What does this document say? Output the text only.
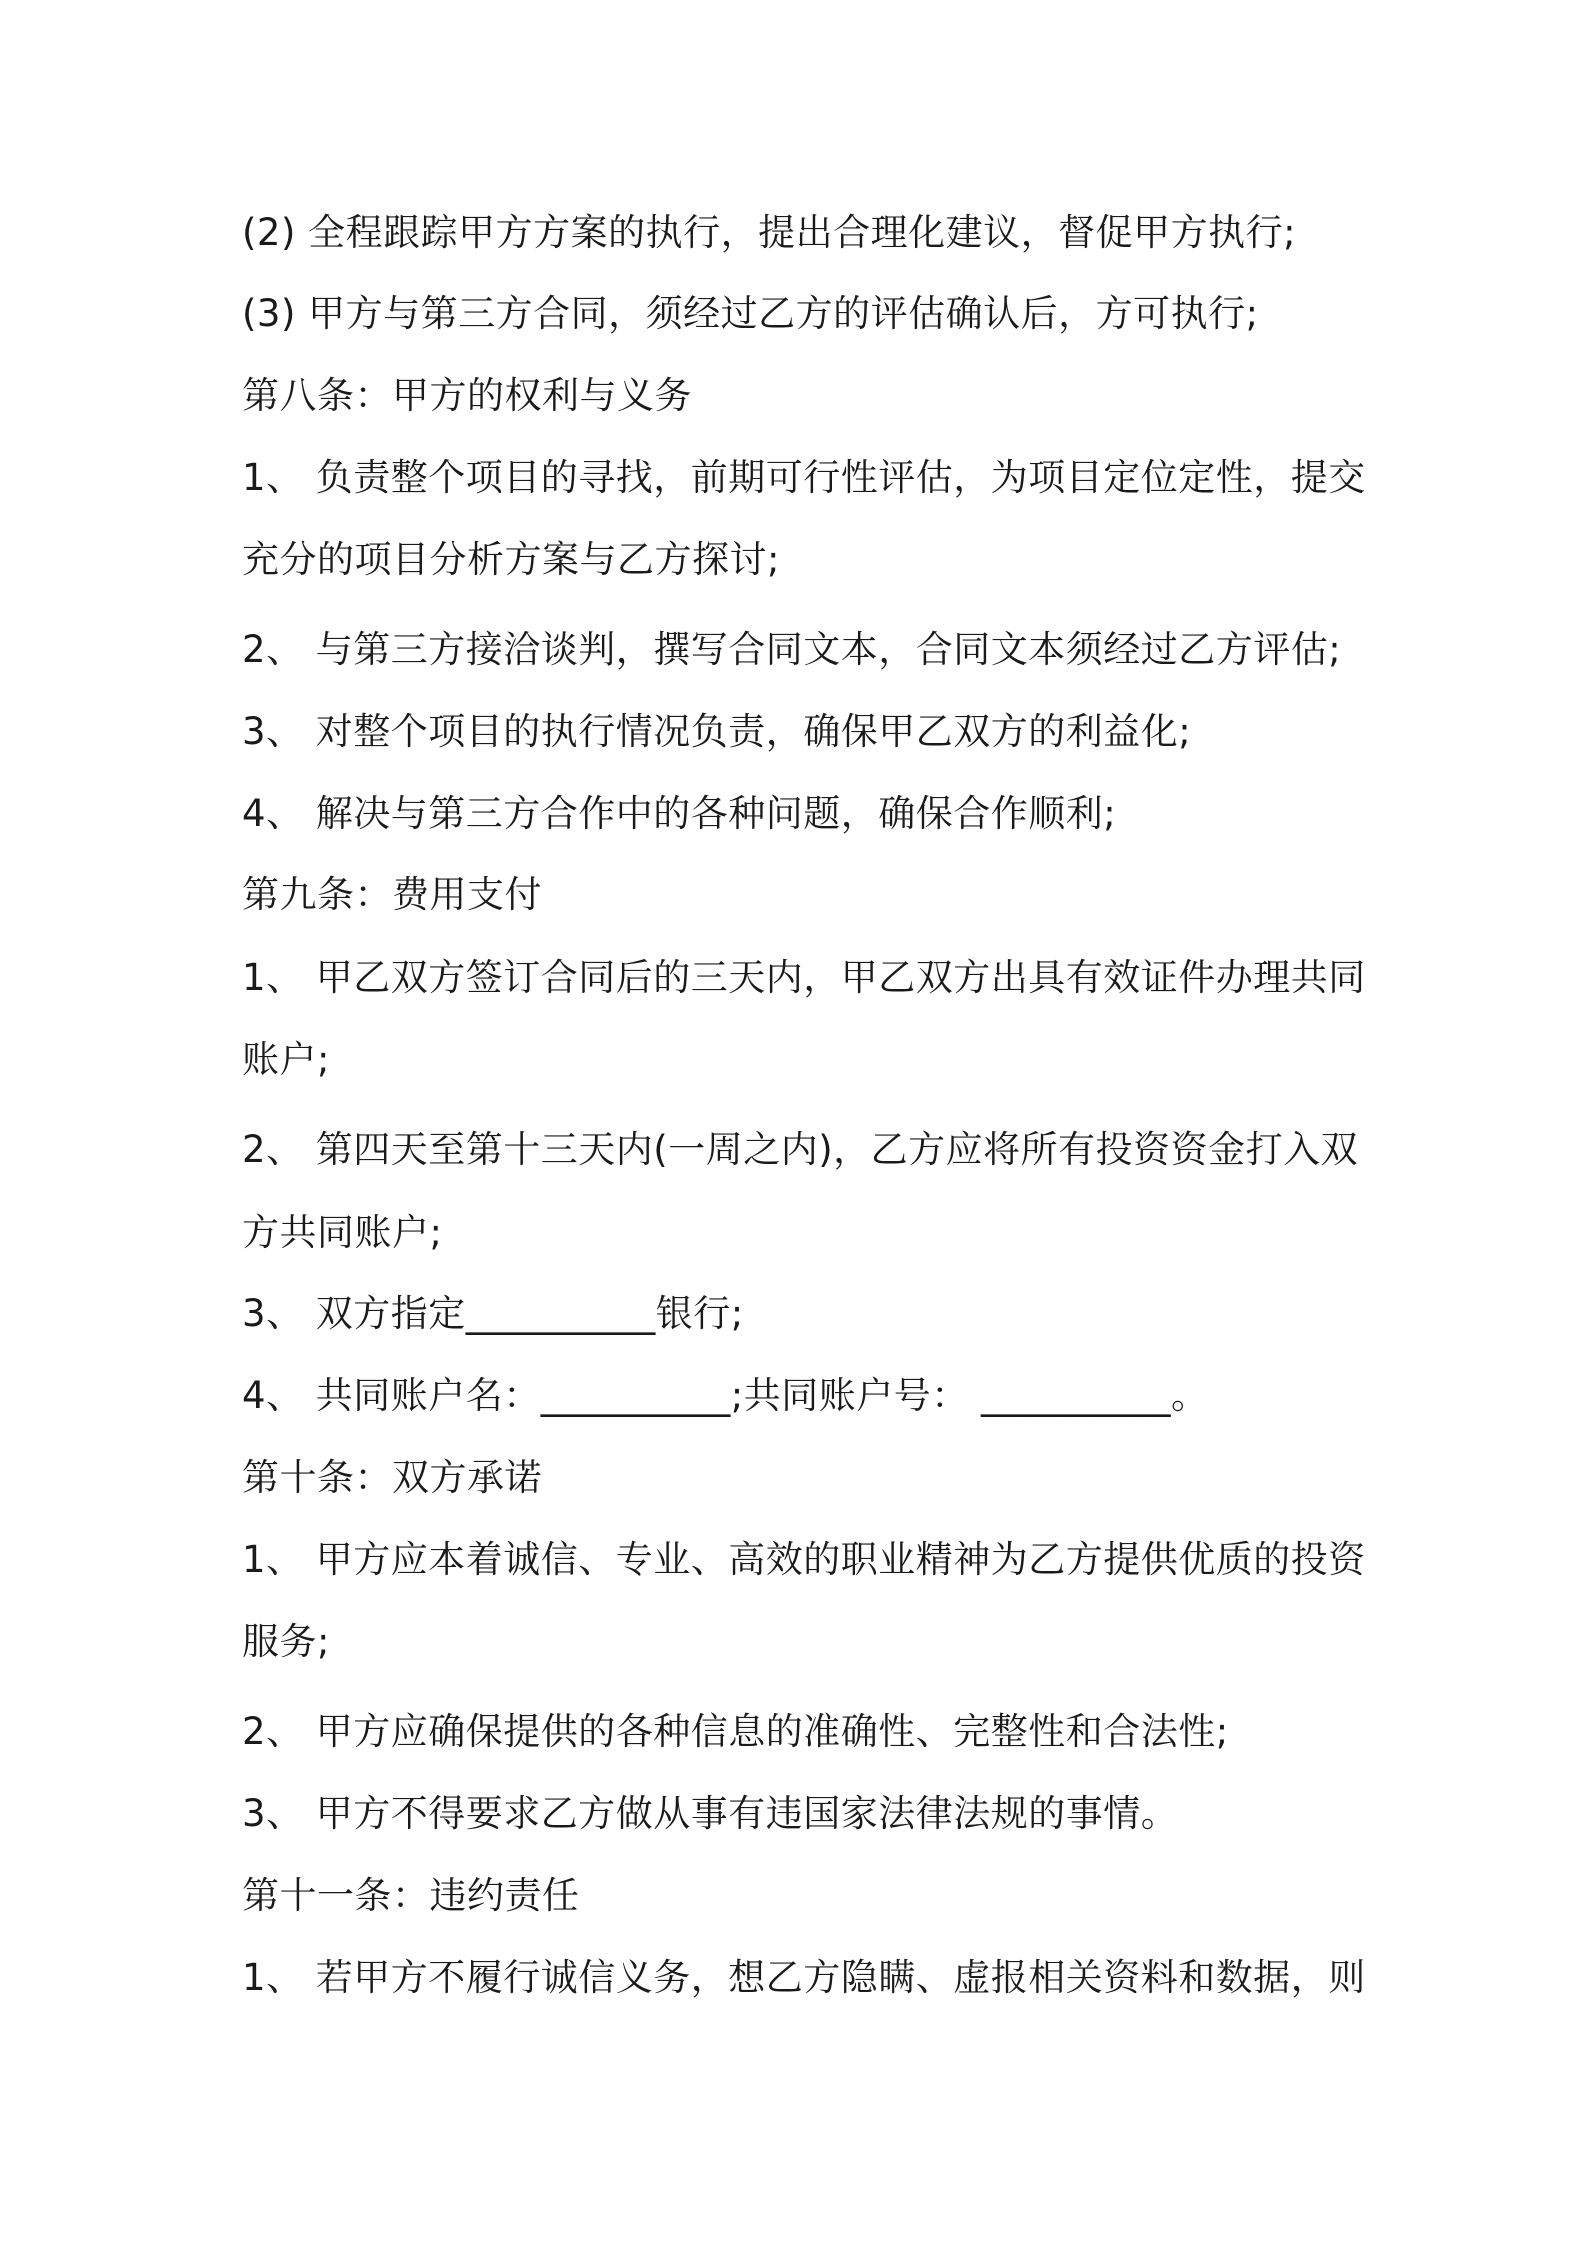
(2) 全程跟踪甲方方案的执行，提出合理化建议，督促甲方执行;
(3) 甲方与第三方合同，须经过乙方的评估确认后，方可执行;
第八条：甲方的权利与义务
1、 负责整个项目的寻找，前期可行性评估，为项目定位定性，提交
充分的项目分析方案与乙方探讨;
2、 与第三方接洽谈判，撰写合同文本，合同文本须经过乙方评估;
3、 对整个项目的执行情况负责，确保甲乙双方的利益化;
4、 解决与第三方合作中的各种问题，确保合作顺利;
第九条：费用支付
1、 甲乙双方签订合同后的三天内，甲乙双方出具有效证件办理共同
账户;
2、 第四天至第十三天内(一周之内)，乙方应将所有投资资金打入双
方共同账户;
3、 双方指定__________银行;
4、 共同账户名：__________;共同账户号： __________。
第十条：双方承诺
1、 甲方应本着诚信、专业、高效的职业精神为乙方提供优质的投资
服务;
2、 甲方应确保提供的各种信息的准确性、完整性和合法性;
3、 甲方不得要求乙方做从事有违国家法律法规的事情。
第十一条：违约责任
1、 若甲方不履行诚信义务，想乙方隐瞒、虚报相关资料和数据，则
